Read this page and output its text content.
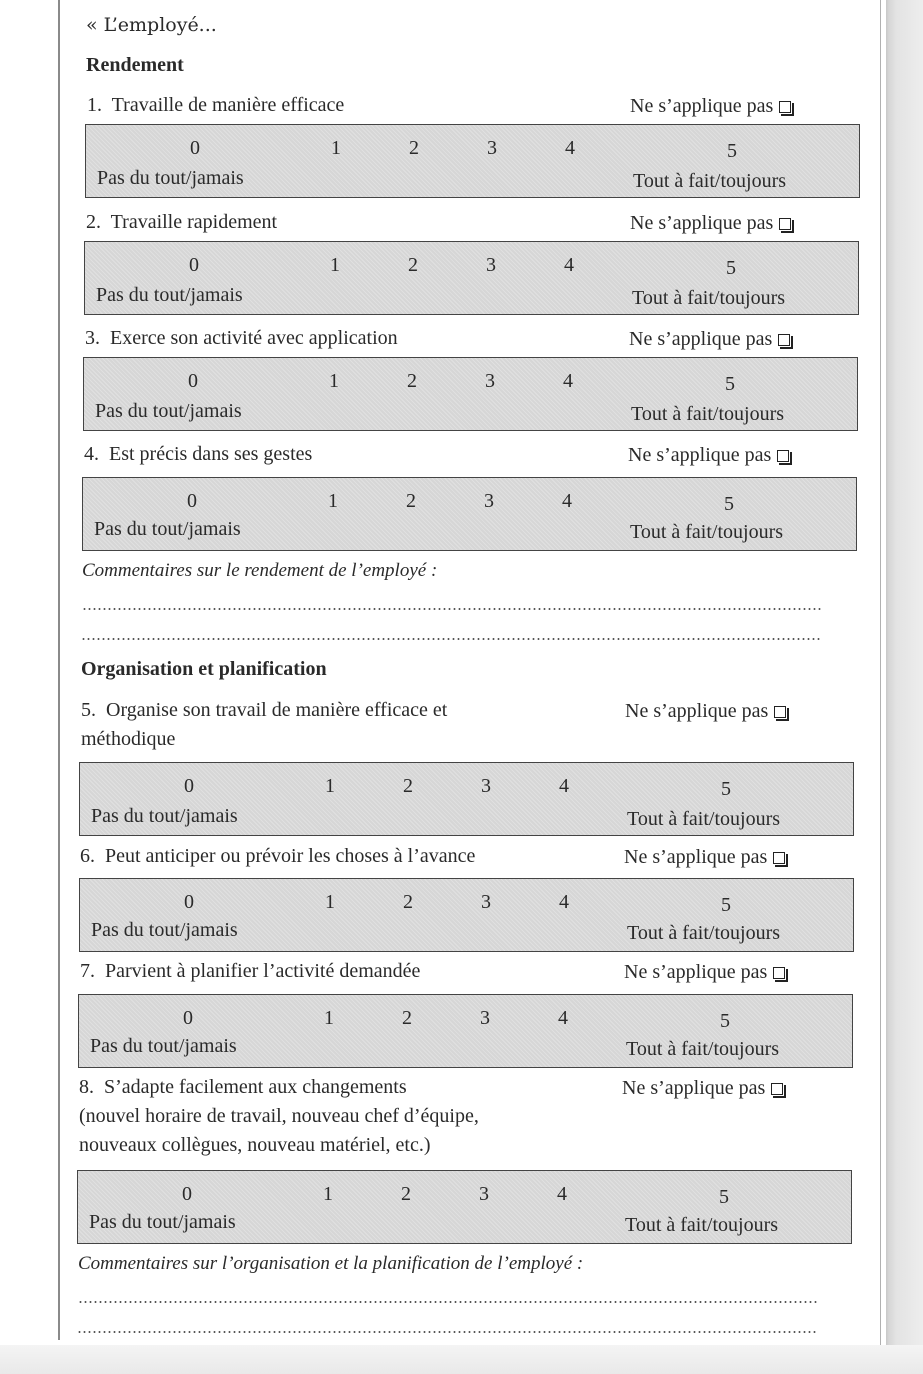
« L’employé...
Rendement
1. Travaille de manière efficace	Ne s’applique pas
0	1	2	3	4	5
Pas du tout/jamais	Tout à fait/toujours
2. Travaille rapidement	Ne s’applique pas
0	1	2	3	4	5
Pas du tout/jamais	Tout à fait/toujours
3. Exerce son activité avec application	Ne s’applique pas
0	1	2	3	4	5
Pas du tout/jamais	Tout à fait/toujours
4. Est précis dans ses gestes	Ne s’applique pas
0	1	2	3	4	5
Pas du tout/jamais	Tout à fait/toujours
Commentaires sur le rendement de l’employé :
Organisation et planification
5. Organise son travail de manière efficace et
méthodique
Ne s’applique pas
0	1	2	3	4	5
Pas du tout/jamais	Tout à fait/toujours
6. Peut anticiper ou prévoir les choses à l’avance	Ne s’applique pas
0	1	2	3	4	5
Pas du tout/jamais	Tout à fait/toujours
7. Parvient à planifier l’activité demandée	Ne s’applique pas
0	1	2	3	4	5
Pas du tout/jamais	Tout à fait/toujours
8. S’adapte facilement aux changements
(nouvel horaire de travail, nouveau chef d’équipe,
nouveaux collègues, nouveau matériel, etc.)
Ne s’applique pas
0	1	2	3	4	5
Pas du tout/jamais	Tout à fait/toujours
Commentaires sur l’organisation et la planification de l’employé :
